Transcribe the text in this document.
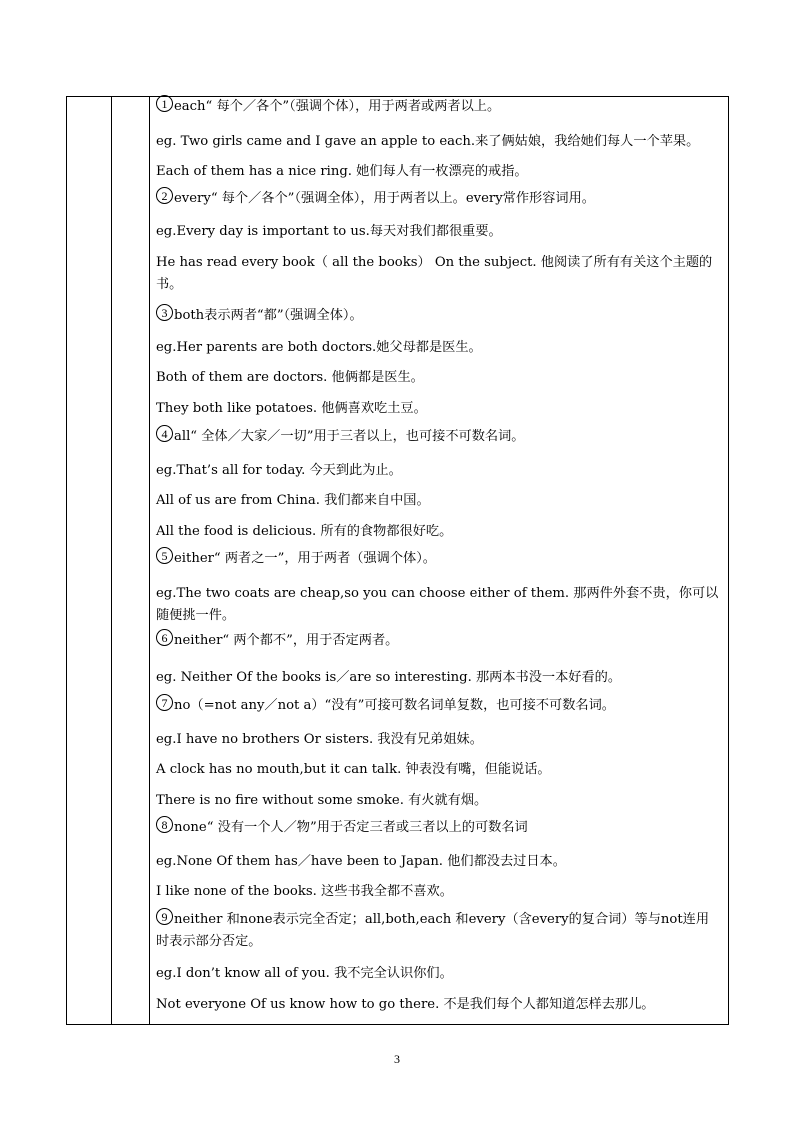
1 each“ 每个／各个”（强调个体），用于两者或两者以上。
eg. Two girls came and I gave an apple to each.来了俩姑娘，我给她们每人一个苹果。
Each of them has a nice ring. 她们每人有一枚漂亮的戒指。
2 every“ 每个／各个”（强调全体），用于两者以上。every常作形容词用。
eg.Every day is important to us.每天对我们都很重要。
He has read every book（ all the books） On the subject. 他阅读了所有有关这个主题的书。
3 both表示两者“都”（强调全体）。
eg.Her parents are both doctors.她父母都是医生。
Both of them are doctors. 他俩都是医生。
They both like potatoes. 他俩喜欢吃土豆。
4 all“ 全体／大家／一切”用于三者以上，也可接不可数名词。
eg.That’s all for today. 今天到此为止。
All of us are from China. 我们都来自中国。
All the food is delicious. 所有的食物都很好吃。
5 either“ 两者之一”，用于两者（强调个体）。
eg.The two coats are cheap,so you can choose either of them. 那两件外套不贵，你可以随便挑一件。
6 neither“ 两个都不”，用于否定两者。
eg. Neither Of the books is／are so interesting. 那两本书没一本好看的。
7 no（=not any／not a）“没有”可接可数名词单复数，也可接不可数名词。
eg.I have no brothers Or sisters. 我没有兄弟姐妹。
A clock has no mouth,but it can talk. 钟表没有嘴，但能说话。
There is no fire without some smoke. 有火就有烟。
8 none“ 没有一个人／物”用于否定三者或三者以上的可数名词
eg.None Of them has／have been to Japan. 他们都没去过日本。
I like none of the books. 这些书我全都不喜欢。
9 neither 和none表示完全否定；all,both,each 和every（含every的复合词）等与not连用时表示部分否定。
eg.I don’t know all of you. 我不完全认识你们。
Not everyone Of us know how to go there. 不是我们每个人都知道怎样去那儿。
3
